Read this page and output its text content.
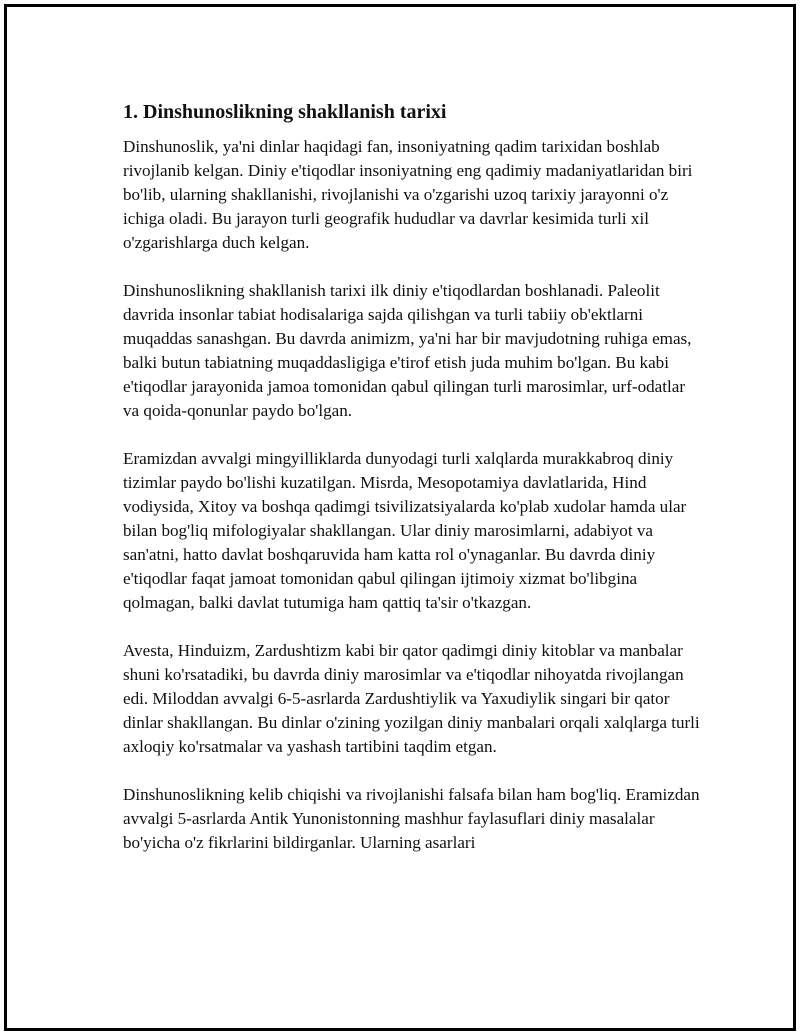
1. Dinshunoslikning shakllanish tarixi

Dinshunoslik, ya'ni dinlar haqidagi fan, insoniyatning qadim tarixidan boshlab rivojlanib kelgan. Diniy e'tiqodlar insoniyatning eng qadimiy madaniyatlaridan biri bo'lib, ularning shakllanishi, rivojlanishi va o'zgarishi uzoq tarixiy jarayonni o'z ichiga oladi. Bu jarayon turli geografik hududlar va davrlar kesimida turli xil o'zgarishlarga duch kelgan.

Dinshunoslikning shakllanish tarixi ilk diniy e'tiqodlardan boshlanadi. Paleolit davrida insonlar tabiat hodisalariga sajda qilishgan va turli tabiiy ob'ektlarni muqaddas sanashgan. Bu davrda animizm, ya'ni har bir mavjudotning ruhiga emas, balki butun tabiatning muqaddasligiga e'tirof etish juda muhim bo'lgan. Bu kabi e'tiqodlar jarayonida jamoa tomonidan qabul qilingan turli marosimlar, urf-odatlar va qoida-qonunlar paydo bo'lgan.

Eramizdan avvalgi mingyilliklarda dunyodagi turli xalqlarda murakkabroq diniy tizimlar paydo bo'lishi kuzatilgan. Misrda, Mesopotamiya davlatlarida, Hind vodiysida, Xitoy va boshqa qadimgi tsivilizatsiyalarda ko'plab xudolar hamda ular bilan bog'liq mifologiyalar shakllangan. Ular diniy marosimlarni, adabiyot va san'atni, hatto davlat boshqaruvida ham katta rol o'ynaganlar. Bu davrda diniy e'tiqodlar faqat jamoat tomonidan qabul qilingan ijtimoiy xizmat bo'libgina qolmagan, balki davlat tutumiga ham qattiq ta'sir o'tkazgan.

Avesta, Hinduizm, Zardushtizm kabi bir qator qadimgi diniy kitoblar va manbalar shuni ko'rsatadiki, bu davrda diniy marosimlar va e'tiqodlar nihoyatda rivojlangan edi. Miloddan avvalgi 6-5-asrlarda Zardushtiylik va Yaxudiylik singari bir qator dinlar shakllangan. Bu dinlar o'zining yozilgan diniy manbalari orqali xalqlarga turli axloqiy ko'rsatmalar va yashash tartibini taqdim etgan.

Dinshunoslikning kelib chiqishi va rivojlanishi falsafa bilan ham bog'liq. Eramizdan avvalgi 5-asrlarda Antik Yunonistonning mashhur faylasuflari diniy masalalar bo'yicha o'z fikrlarini bildirganlar. Ularning asarlari
